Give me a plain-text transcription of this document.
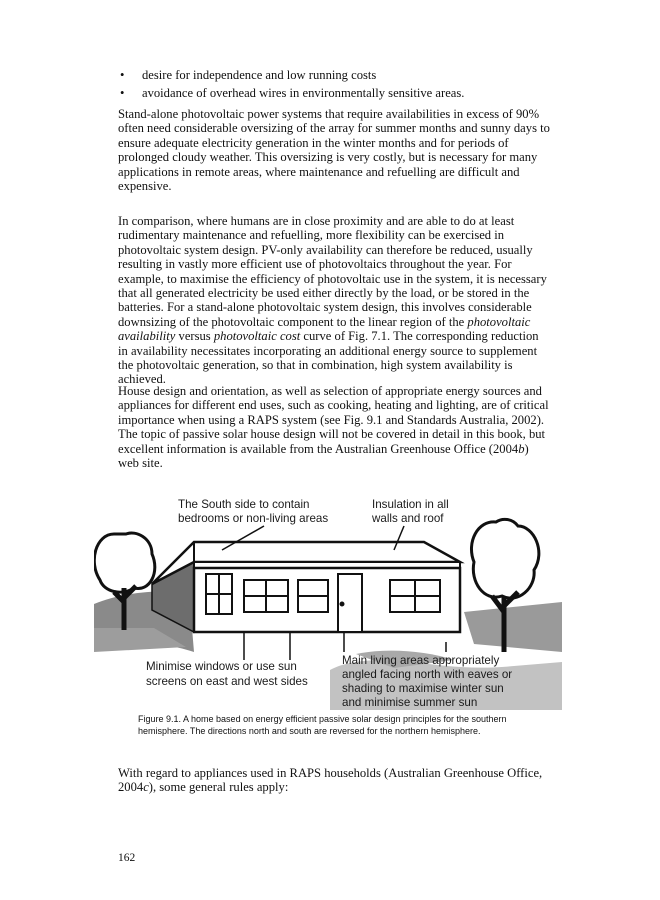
• desire for independence and low running costs
• avoidance of overhead wires in environmentally sensitive areas.

Stand-alone photovoltaic power systems that require availabilities in excess of 90% often need considerable oversizing of the array for summer months and sunny days to ensure adequate electricity generation in the winter months and for periods of prolonged cloudy weather. This oversizing is very costly, but is necessary for many applications in remote areas, where maintenance and refuelling are difficult and expensive.

In comparison, where humans are in close proximity and are able to do at least rudimentary maintenance and refuelling, more flexibility can be exercised in photovoltaic system design. PV-only availability can therefore be reduced, usually resulting in vastly more efficient use of photovoltaics throughout the year. For example, to maximise the efficiency of photovoltaic use in the system, it is necessary that all generated electricity be used either directly by the load, or be stored in the batteries. For a stand-alone photovoltaic system design, this involves considerable downsizing of the photovoltaic component to the linear region of the photovoltaic availability versus photovoltaic cost curve of Fig. 7.1. The corresponding reduction in availability necessitates incorporating an additional energy source to supplement the photovoltaic generation, so that in combination, high system availability is achieved.

House design and orientation, as well as selection of appropriate energy sources and appliances for different end uses, such as cooking, heating and lighting, are of critical importance when using a RAPS system (see Fig. 9.1 and Standards Australia, 2002). The topic of passive solar house design will not be covered in detail in this book, but excellent information is available from the Australian Greenhouse Office (2004b) web site.

The South side to contain
bedrooms or non-living areas
Insulation in all
walls and roof
Minimise windows or use sun
screens on east and west sides
Main living areas appropriately
angled facing north with eaves or
shading to maximise winter sun
and minimise summer sun
Figure 9.1. A home based on energy efficient passive solar design principles for the southern hemisphere. The directions north and south are reversed for the northern hemisphere.

With regard to appliances used in RAPS households (Australian Greenhouse Office, 2004c), some general rules apply:

162
